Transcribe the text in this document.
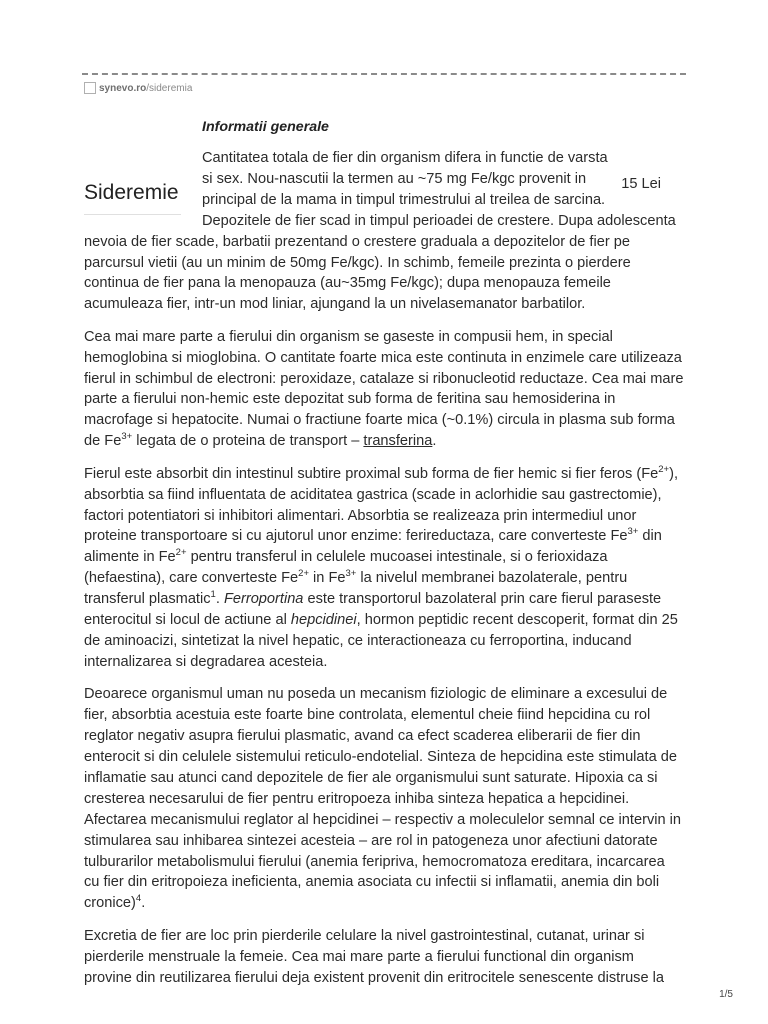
synevo.ro /sideremia
Informatii generale
Sideremie	15 Lei

Cantitatea totala de fier din organism difera in functie de varsta si sex. Nou-nascutii la termen au ~75 mg Fe/kgc provenit in principal de la mama in timpul trimestrului al treilea de sarcina. Depozitele de fier scad in timpul perioadei de crestere. Dupa adolescenta nevoia de fier scade, barbatii prezentand o crestere graduala a depozitelor de fier pe parcursul vietii (au un minim de 50mg Fe/kgc). In schimb, femeile prezinta o pierdere continua de fier pana la menopauza (au~35mg Fe/kgc); dupa menopauza femeile acumuleaza fier, intr-un mod liniar, ajungand la un nivelasemanator barbatilor.

Cea mai mare parte a fierului din organism se gaseste in compusii hem, in special hemoglobina si mioglobina. O cantitate foarte mica este continuta in enzimele care utilizeaza fierul in schimbul de electroni: peroxidaze, catalaze si ribonucleotid reductaze. Cea mai mare parte a fierului non-hemic este depozitat sub forma de feritina sau hemosiderina in macrofage si hepatocite. Numai o fractiune foarte mica (~0.1%) circula in plasma sub forma de $Fe^{3+}$ legata de o proteina de transport – transferina.

Fierul este absorbit din intestinul subtire proximal sub forma de fier hemic si fier feros $(Fe^{2+})$, absorbtia sa fiind influentata de aciditatea gastrica (scade in aclorhidie sau gastrectomie), factori potentiatori si inhibitori alimentari. Absorbtia se realizeaza prin intermediul unor proteine transportoare si cu ajutorul unor enzime: ferireductaza, care converteste $Fe^{3+}$ din alimente in $Fe^{2+}$ pentru transferul in celulele mucoasei intestinale, si o ferioxidaza (hefaestina), care converteste $Fe^{2+}$ in $Fe^{3+}$ la nivelul membranei bazolaterale, pentru transferul plasmatic$^1$. Ferroportina este transportorul bazolateral prin care fierul paraseste enterocitul si locul de actiune al hepcidinei, hormon peptidic recent descoperit, format din 25 de aminoacizi, sintetizat la nivel hepatic, ce interactioneaza cu ferroportina, inducand internalizarea si degradarea acesteia.

Deoarece organismul uman nu poseda un mecanism fiziologic de eliminare a excesului de fier, absorbtia acestuia este foarte bine controlata, elementul cheie fiind hepcidina cu rol reglator negativ asupra fierului plasmatic, avand ca efect scaderea eliberarii de fier din enterocit si din celulele sistemului reticulo-endotelial. Sinteza de hepcidina este stimulata de inflamatie sau atunci cand depozitele de fier ale organismului sunt saturate. Hipoxia ca si cresterea necesarului de fier pentru eritropoeza inhiba sinteza hepatica a hepcidinei. Afectarea mecanismului reglator al hepcidinei – respectiv a moleculelor semnal ce intervin in stimularea sau inhibarea sintezei acesteia – are rol in patogeneza unor afectiuni datorate tulburarilor metabolismului fierului (anemia feripriva, hemocromatoza ereditara, incarcarea cu fier din eritropoieza ineficienta, anemia asociata cu infectii si inflamatii, anemia din boli cronice)$^4$.

Excretia de fier are loc prin pierderile celulare la nivel gastrointestinal, cutanat, urinar si pierderile menstruale la femeie. Cea mai mare parte a fierului functional din organism provine din reutilizarea fierului deja existent provenit din eritrocitele senescente distruse la

1/5
